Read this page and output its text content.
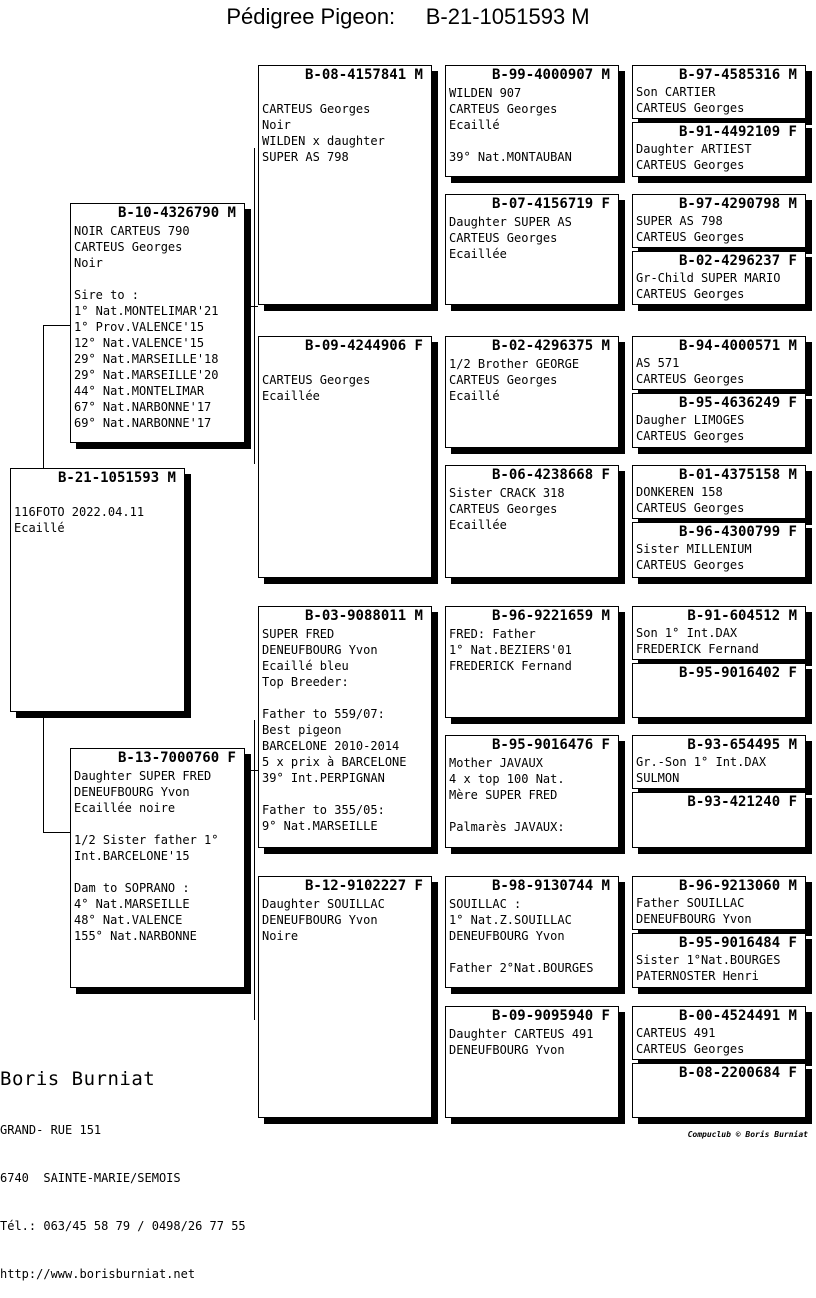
Pédigree Pigeon: B-21-1051593 M
B-21-1051593 M

116FOTO 2022.04.11
Ecaillé
B-10-4326790 M
NOIR CARTEUS 790
CARTEUS Georges
Noir

Sire to :
1° Nat.MONTELIMAR'21
1° Prov.VALENCE'15
12° Nat.VALENCE'15
29° Nat.MARSEILLE'18
29° Nat.MARSEILLE'20
44° Nat.MONTELIMAR
67° Nat.NARBONNE'17
69° Nat.NARBONNE'17
B-13-7000760 F
Daughter SUPER FRED
DENEUFBOURG Yvon
Ecaillée noire

1/2 Sister father 1°
Int.BARCELONE'15

Dam to SOPRANO :
4° Nat.MARSEILLE
48° Nat.VALENCE
155° Nat.NARBONNE
B-08-4157841 M

CARTEUS Georges
Noir
WILDEN x daughter
SUPER AS 798
B-09-4244906 F

CARTEUS Georges
Ecaillée
B-03-9088011 M
SUPER FRED
DENEUFBOURG Yvon
Ecaillé bleu
Top Breeder:

Father to 559/07:
Best pigeon
BARCELONE 2010-2014
5 x prix à BARCELONE
39° Int.PERPIGNAN

Father to 355/05:
9° Nat.MARSEILLE
B-12-9102227 F
Daughter SOUILLAC
DENEUFBOURG Yvon
Noire
B-99-4000907 M
WILDEN 907
CARTEUS Georges
Ecaillé

39° Nat.MONTAUBAN
B-07-4156719 F
Daughter SUPER AS
CARTEUS Georges
Ecaillée
B-02-4296375 M
1/2 Brother GEORGE
CARTEUS Georges
Ecaillé
B-06-4238668 F
Sister CRACK 318
CARTEUS Georges
Ecaillée
B-96-9221659 M
FRED: Father
1° Nat.BEZIERS'01
FREDERICK Fernand
B-95-9016476 F
Mother JAVAUX
4 x top 100 Nat.
Mère SUPER FRED

Palmarès JAVAUX:
B-98-9130744 M
SOUILLAC :
1° Nat.Z.SOUILLAC
DENEUFBOURG Yvon

Father 2°Nat.BOURGES
B-09-9095940 F
Daughter CARTEUS 491
DENEUFBOURG Yvon
B-97-4585316 M
Son CARTIER
CARTEUS Georges
B-91-4492109 F
Daughter ARTIEST
CARTEUS Georges
B-97-4290798 M
SUPER AS 798
CARTEUS Georges
B-02-4296237 F
Gr-Child SUPER MARIO
CARTEUS Georges
B-94-4000571 M
AS 571
CARTEUS Georges
B-95-4636249 F
Daugher LIMOGES
CARTEUS Georges
B-01-4375158 M
DONKEREN 158
CARTEUS Georges
B-96-4300799 F
Sister MILLENIUM
CARTEUS Georges
B-91-604512 M
Son 1° Int.DAX
FREDERICK Fernand
B-95-9016402 F
B-93-654495 M
Gr.-Son 1° Int.DAX
SULMON
B-93-421240 F
B-96-9213060 M
Father SOUILLAC
DENEUFBOURG Yvon
B-95-9016484 F
Sister 1°Nat.BOURGES
PATERNOSTER Henri
B-00-4524491 M
CARTEUS 491
CARTEUS Georges
B-08-2200684 F

Boris Burniat

GRAND- RUE 151

6740  SAINTE-MARIE/SEMOIS

Tél.: 063/45 58 79 / 0498/26 77 55

http://www.borisburniat.net

Compuclub © Boris Burniat
